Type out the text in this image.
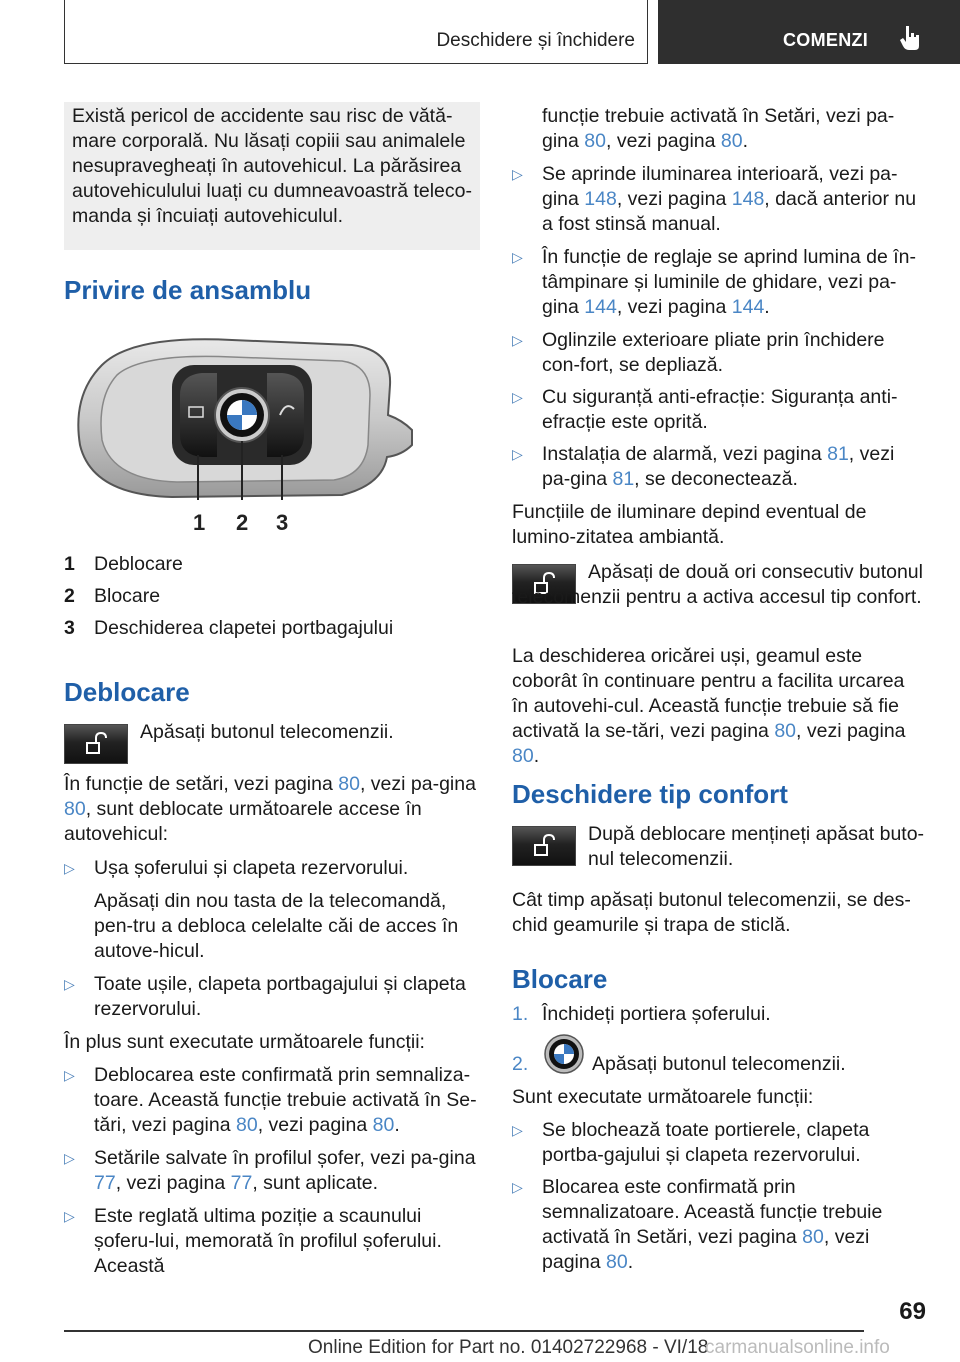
Deschidere și închidere	COMENZI

Există pericol de accidente sau risc de vătă-mare corporală. Nu lăsați copiii sau animalele nesupravegheați în autovehicul. La părăsirea autovehiculului luați cu dumneavoastră teleco-manda și încuiați autovehiculul.

Privire de ansamblu
1 2 3
1 Deblocare
2 Blocare
3 Deschiderea clapetei portbagajului
Deblocare

Apăsați butonul telecomenzii.

În funcție de setări, vezi pagina 80, vezi pa-gina 80, sunt deblocate următoarele accese în autovehicul:

▷ Ușa șoferului și clapeta rezervorului.

Apăsați din nou tasta de la telecomandă, pen-tru a debloca celelalte căi de acces în autove-hicul.

▷ Toate ușile, clapeta portbagajului și clapeta rezervorului.

În plus sunt executate următoarele funcții:

▷ Deblocarea este confirmată prin semnaliza-toare. Această funcție trebuie activată în Se-tări, vezi pagina 80, vezi pagina 80.
▷ Setările salvate în profilul șofer, vezi pa-gina 77, vezi pagina 77, sunt aplicate.
▷ Este reglată ultima poziție a scaunului șoferu-lui, memorată în profilul șoferului. Această

funcție trebuie activată în Setări, vezi pa-gina 80, vezi pagina 80.

▷ Se aprinde iluminarea interioară, vezi pa-gina 148, vezi pagina 148, dacă anterior nu a fost stinsă manual.
▷ În funcție de reglaje se aprind lumina de în-tâmpinare și luminile de ghidare, vezi pa-gina 144, vezi pagina 144.
▷ Oglinzile exterioare pliate prin închidere con-fort, se depliază.
▷ Cu siguranță anti-efracție: Siguranța anti-efracție este oprită.
▷ Instalația de alarmă, vezi pagina 81, vezi pa-gina 81, se deconectează.

Funcțiile de iluminare depind eventual de lumino-zitatea ambiantă.

Apăsați de două ori consecutiv butonul telecomenzii pentru a activa accesul tip confort.

La deschiderea oricărei uși, geamul este coborât în continuare pentru a facilita urcarea în autovehi-cul. Această funcție trebuie să fie activată la se-tări, vezi pagina 80, vezi pagina 80.

Deschidere tip confort

După deblocare mențineți apăsat buto-nul telecomenzii.

Cât timp apăsați butonul telecomenzii, se des-chid geamurile și trapa de sticlă.

Blocare
1. Închideți portiera șoferului.

2.	Apăsați butonul telecomenzii.

Sunt executate următoarele funcții:

▷ Se blochează toate portierele, clapeta portba-gajului și clapeta rezervorului.
▷ Blocarea este confirmată prin semnalizatoare. Această funcție trebuie activată în Setări, vezi pagina 80, vezi pagina 80.
69
Online Edition for Part no. 01402722968 - VI/18
carmanualsonline.info
